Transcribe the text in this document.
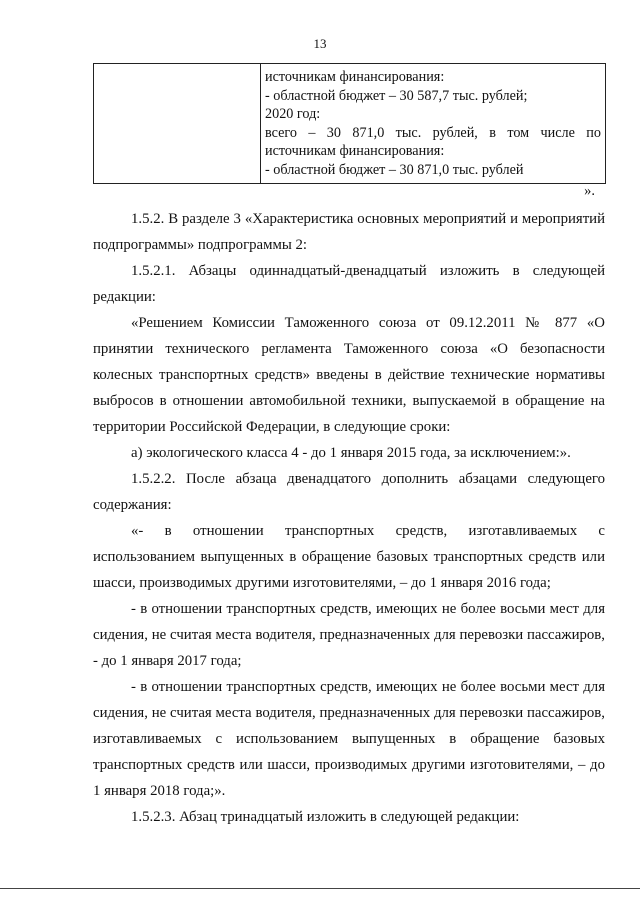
13

источникам финансирования:
- областной бюджет – 30 587,7 тыс. рублей;
2020 год:
всего – 30 871,0 тыс. рублей, в том числе по
источникам финансирования:
- областной бюджет – 30 871,0 тыс. рублей
».

1.5.2. В разделе 3 «Характеристика основных мероприятий и мероприятий подпрограммы» подпрограммы 2:

1.5.2.1. Абзацы одиннадцатый-двенадцатый изложить в следующей редакции:

«Решением Комиссии Таможенного союза от 09.12.2011 № 877 «О принятии технического регламента Таможенного союза «О безопасности колесных транспортных средств» введены в действие технические нормативы выбросов в отношении автомобильной техники, выпускаемой в обращение на территории Российской Федерации, в следующие сроки:

а) экологического класса 4 - до 1 января 2015 года, за исключением:».

1.5.2.2. После абзаца двенадцатого дополнить абзацами следующего содержания:

«- в отношении транспортных средств, изготавливаемых с использованием выпущенных в обращение базовых транспортных средств или шасси, производимых другими изготовителями, – до 1 января 2016 года;

- в отношении транспортных средств, имеющих не более восьми мест для сидения, не считая места водителя, предназначенных для перевозки пассажиров, - до 1 января 2017 года;

- в отношении транспортных средств, имеющих не более восьми мест для сидения, не считая места водителя, предназначенных для перевозки пассажиров, изготавливаемых с использованием выпущенных в обращение базовых транспортных средств или шасси, производимых другими изготовителями, – до 1 января 2018 года;».

1.5.2.3. Абзац тринадцатый изложить в следующей редакции:
